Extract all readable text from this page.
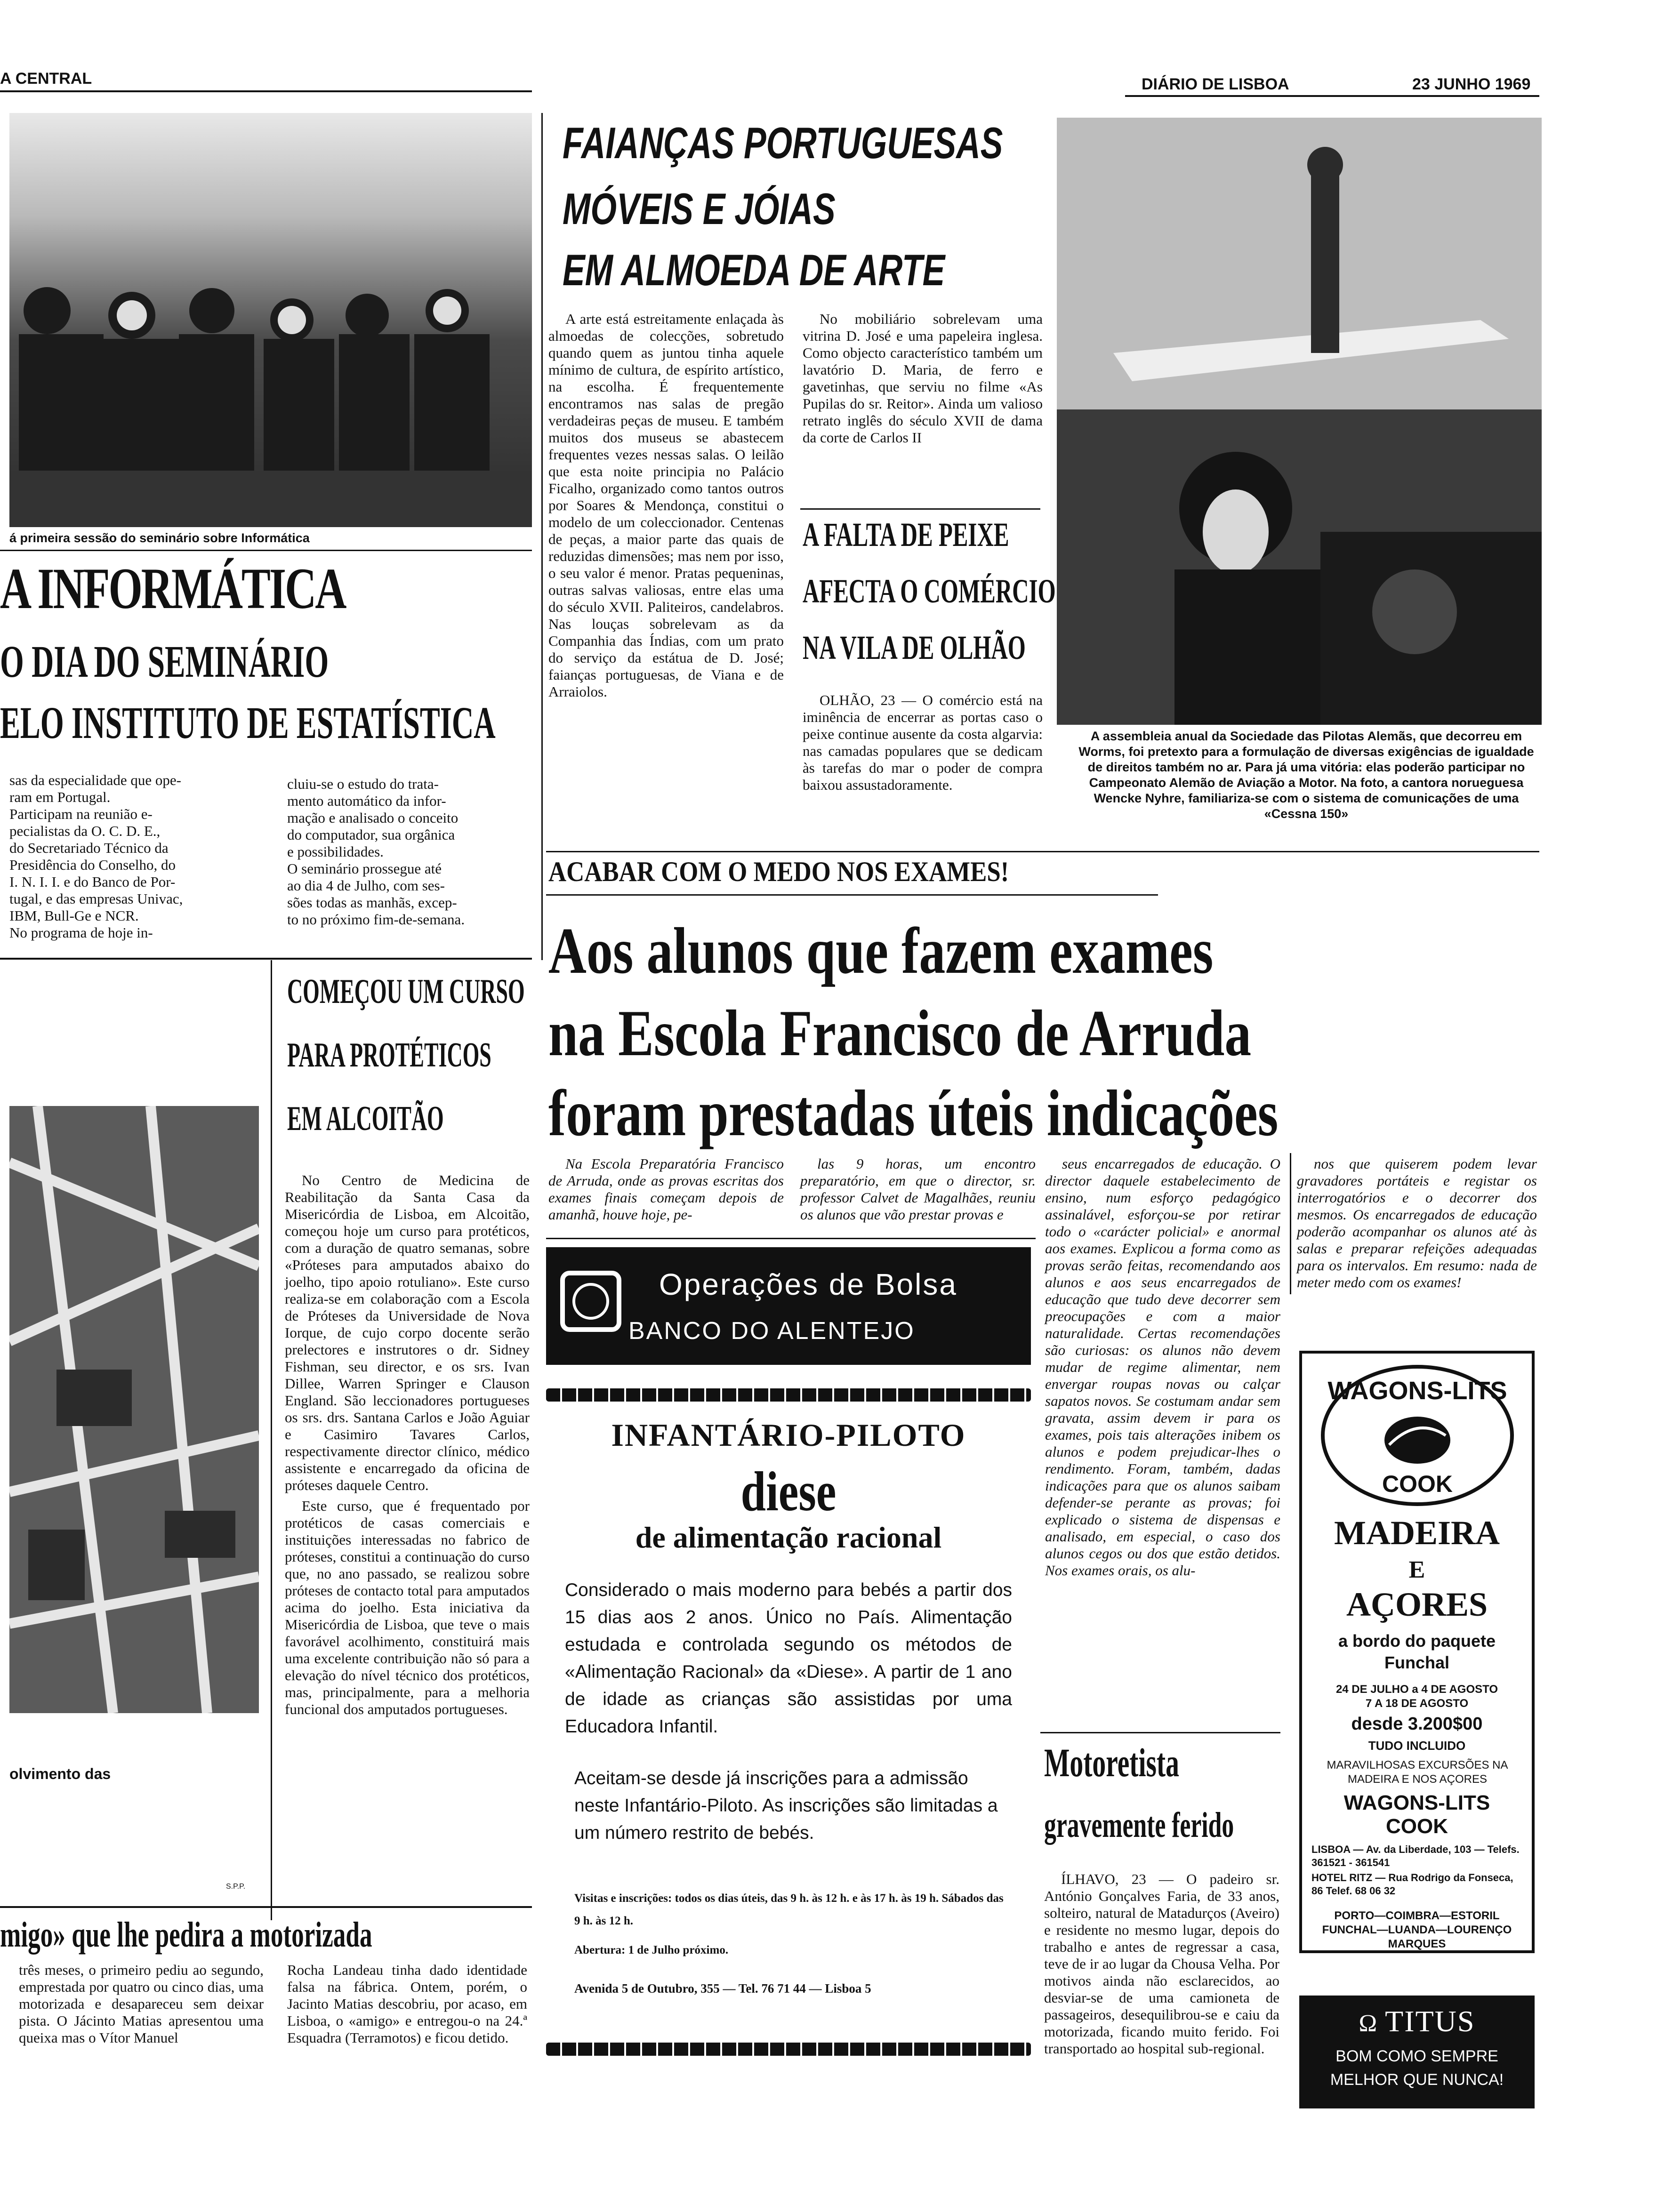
A CENTRAL	DIÁRIO DE LISBOA	23 JUNHO 1969
á primeira sessão do seminário sobre Informática
A INFORMÁTICA
O DIA DO SEMINÁRIO
ELO INSTITUTO DE ESTATÍSTICA
sas da especialidade que ope-
ram em Portugal.
Participam na reunião e-
pecialistas da O. C. D. E.,
do Secretariado Técnico da
Presidência do Conselho, do
I. N. I. I. e do Banco de Por-
tugal, e das empresas Univac,
IBM, Bull-Ge e NCR.
No programa de hoje in-
cluiu-se o estudo do trata-
mento automático da infor-
mação e analisado o conceito
do computador, sua orgânica
e possibilidades.
O seminário prossegue até
ao dia 4 de Julho, com ses-
sões todas as manhãs, excep-
to no próximo fim-de-semana.
FAIANÇAS PORTUGUESAS
MÓVEIS E JÓIAS
EM ALMOEDA DE ARTE

A arte está estreitamente enlaçada às almoedas de colecções, sobretudo quando quem as juntou tinha aquele mínimo de cultura, de espírito artístico, na escolha. É frequentemente encontramos nas salas de pregão verdadeiras peças de museu. E também muitos dos museus se abastecem frequentes vezes nessas salas. O leilão que esta noite principia no Palácio Ficalho, organizado como tantos outros por Soares & Mendonça, constitui o modelo de um coleccionador. Centenas de peças, a maior parte das quais de reduzidas dimensões; mas nem por isso, o seu valor é menor. Pratas pequeninas, outras salvas valiosas, entre elas uma do século XVII. Paliteiros, candelabros. Nas louças sobrelevam as da Companhia das Índias, com um prato do serviço da estátua de D. José; faianças portuguesas, de Viana e de Arraiolos.

No mobiliário sobrelevam uma vitrina D. José e uma papeleira inglesa. Como objecto característico também um lavatório D. Maria, de ferro e gavetinhas, que serviu no filme «As Pupilas do sr. Reitor». Ainda um valioso retrato inglês do século XVII de dama da corte de Carlos II

A FALTA DE PEIXE
AFECTA O COMÉRCIO
NA VILA DE OLHÃO

OLHÃO, 23 — O comércio está na iminência de encerrar as portas caso o peixe continue ausente da costa algarvia: nas camadas populares que se dedicam às tarefas do mar o poder de compra baixou assustadoramente.

A assembleia anual da Sociedade das Pilotas Alemãs, que decorreu em Worms, foi pretexto para a formulação de diversas exigências de igualdade de direitos também no ar. Para já uma vitória: elas poderão participar no Campeonato Alemão de Aviação a Motor. Na foto, a cantora norueguesa Wencke Nyhre, familiariza-se com o sistema de comunicações de uma «Cessna 150»
ACABAR COM O MEDO NOS EXAMES!
Aos alunos que fazem exames
na Escola Francisco de Arruda
foram prestadas úteis indicações

Na Escola Preparatória Francisco de Arruda, onde as provas escritas dos exames finais começam depois de amanhã, houve hoje, pe-

las 9 horas, um encontro preparatório, em que o director, sr. professor Calvet de Magalhães, reuniu os alunos que vão prestar provas e

seus encarregados de educação. O director daquele estabelecimento de ensino, num esforço pedagógico assinalável, esforçou-se por retirar todo o «carácter policial» e anormal aos exames. Explicou a forma como as provas serão feitas, recomendando aos alunos e aos seus encarregados de educação que tudo deve decorrer sem preocupações e com a maior naturalidade. Certas recomendações são curiosas: os alunos não devem mudar de regime alimentar, nem envergar roupas novas ou calçar sapatos novos. Se costumam andar sem gravata, assim devem ir para os exames, pois tais alterações inibem os alunos e podem prejudicar-lhes o rendimento. Foram, também, dadas indicações para que os alunos saibam defender-se perante as provas; foi explicado o sistema de dispensas e analisado, em especial, o caso dos alunos cegos ou dos que estão detidos. Nos exames orais, os alu-

nos que quiserem podem levar gravadores portáteis e registar os interrogatórios e o decorrer dos mesmos. Os encarregados de educação poderão acompanhar os alunos até às salas e preparar refeições adequadas para os intervalos. Em resumo: nada de meter medo com os exames!

COMEÇOU UM CURSO
PARA PROTÉTICOS
EM ALCOITÃO

No Centro de Medicina de Reabilitação da Santa Casa da Misericórdia de Lisboa, em Alcoitão, começou hoje um curso para protéticos, com a duração de quatro semanas, sobre «Próteses para amputados abaixo do joelho, tipo apoio rotuliano». Este curso realiza-se em colaboração com a Escola de Próteses da Universidade de Nova Iorque, de cujo corpo docente serão prelectores e instrutores o dr. Sidney Fishman, seu director, e os srs. Ivan Dillee, Warren Springer e Clauson England. São leccionadores portugueses os srs. drs. Santana Carlos e João Aguiar e Casimiro Tavares Carlos, respectivamente director clínico, médico assistente e encarregado da oficina de próteses daquele Centro.

Este curso, que é frequentado por protéticos de casas comerciais e instituições interessadas no fabrico de próteses, constitui a continuação do curso que, no ano passado, se realizou sobre próteses de contacto total para amputados acima do joelho. Esta iniciativa da Misericórdia de Lisboa, que teve o mais favorável acolhimento, constituirá mais uma excelente contribuição não só para a elevação do nível técnico dos protéticos, mas, principalmente, para a melhoria funcional dos amputados portugueses.

olvimento das
S.P.P.
migo» que lhe pedira a motorizada

três meses, o primeiro pediu ao segundo, emprestada por quatro ou cinco dias, uma motorizada e desapareceu sem deixar pista. O Jácinto Matias apresentou uma queixa mas o Vítor Manuel

Rocha Landeau tinha dado identidade falsa na fábrica. Ontem, porém, o Jacinto Matias descobriu, por acaso, em Lisboa, o «amigo» e entregou-o na 24.ª Esquadra (Terramotos) e ficou detido.

Operações de Bolsa
BANCO DO ALENTEJO
INFANTÁRIO-PILOTO
diese
de alimentação racional
Considerado o mais moderno para bebés a partir dos 15 dias aos 2 anos. Único no País. Alimentação estudada e controlada segundo os métodos de «Alimentação Racional» da «Diese». A partir de 1 ano de idade as crianças são assistidas por uma Educadora Infantil.
Aceitam-se desde já inscrições para a admissão neste Infantário-Piloto. As inscrições são limitadas a um número restrito de bebés.
Visitas e inscrições: todos os dias úteis, das 9 h. às 12 h. e às 17 h. às 19 h. Sábados das 9 h. às 12 h.
Abertura: 1 de Julho próximo.
Avenida 5 de Outubro, 355 — Tel. 76 71 44 — Lisboa 5
Motoretista
gravemente ferido

ÍLHAVO, 23 — O padeiro sr. António Gonçalves Faria, de 33 anos, solteiro, natural de Matadurços (Aveiro) e residente no mesmo lugar, depois do trabalho e antes de regressar a casa, teve de ir ao lugar da Chousa Velha. Por motivos ainda não esclarecidos, ao desviar-se de uma camioneta de passageiros, desequilibrou-se e caiu da motorizada, ficando muito ferido. Foi transportado ao hospital sub-regional.

WAGONS-LITS
COOK
MADEIRA
E
AÇORES
a bordo do paquete
Funchal
24 DE JULHO a 4 DE AGOSTO
7 A 18 DE AGOSTO
desde 3.200$00
TUDO INCLUIDO
MARAVILHOSAS EXCURSÕES NA MADEIRA E NOS AÇORES
WAGONS-LITS
COOK
LISBOA — Av. da Liberdade, 103 — Telefs. 361521 - 361541
HOTEL RITZ — Rua Rodrigo da Fonseca, 86 Telef. 68 06 32
PORTO—COIMBRA—ESTORIL FUNCHAL—LUANDA—LOURENÇO MARQUES
Ω TITUS
BOM COMO SEMPRE
MELHOR QUE NUNCA!
